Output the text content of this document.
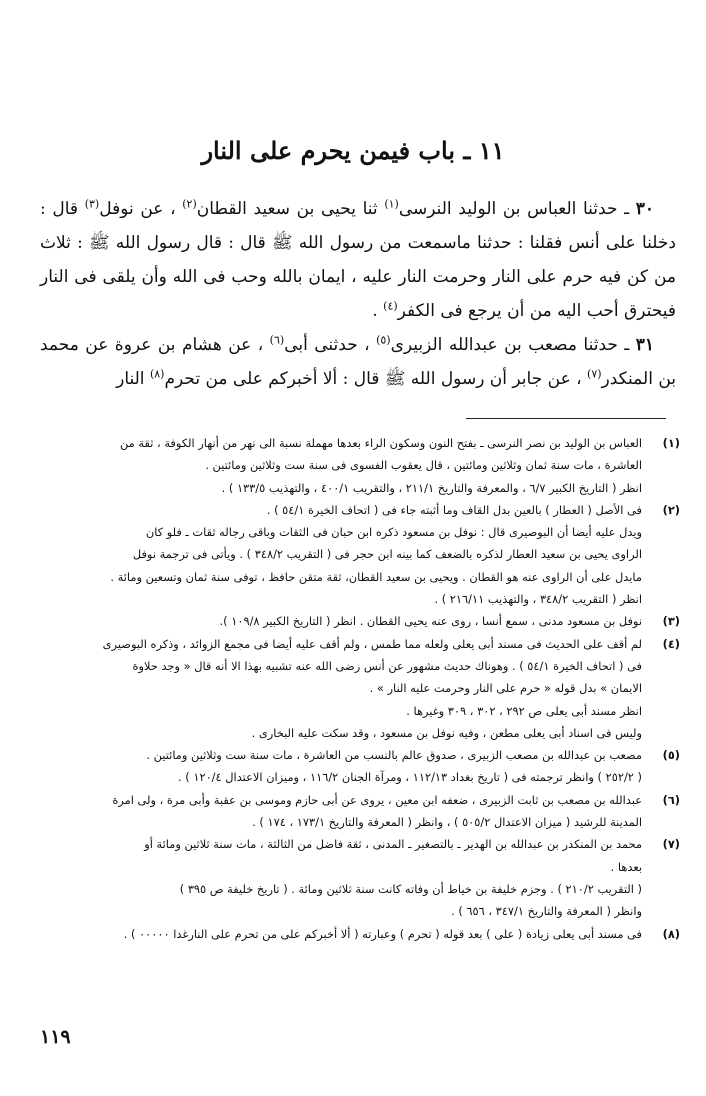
١١ ـ باب فيمن يحرم على النار

٣٠ ـ حدثنا العباس بن الوليد النرسى$^{(١)}$ ثنا يحيى بن سعيد القطان$^{(٢)}$ ، عن نوفل$^{(٣)}$ قال : دخلنا على أنس فقلنا : حدثنا ماسمعت من رسول الله ﷺ قال : قال رسول الله ﷺ : ثلاث من كن فيه حرم على النار وحرمت النار عليه ، ايمان بالله وحب فى الله وأن يلقى فى النار فيحترق أحب اليه من أن يرجع فى الكفر$^{(٤)}$ .

٣١ ـ حدثنا مصعب بن عبدالله الزبيرى$^{(٥)}$ ، حدثنى أبى$^{(٦)}$ ، عن هشام بن عروة عن محمد بن المنكدر$^{(٧)}$ ، عن جابر أن رسول الله ﷺ قال : ألا أخبركم على من تحرم$^{(٨)}$ النار

(١)
العباس بن الوليد بن نصر النرسى ـ بفتح النون وسكون الراء بعدها مهملة نسبة الى نهر من أنهار الكوفة ، ثقة من
العاشرة ، مات سنة ثمان وثلاثين ومائتين ، قال يعقوب الفسوى فى سنة ست وثلاثين ومائتين .
انظر ( التاريخ الكبير ٦/٧ ، والمعرفة والتاريخ ٢١١/١ ، والتقريب ٤٠٠/١ ، والتهذيب ١٣٣/٥ ) .
(٢)
فى الأصل ( العطار ) بالعين بدل القاف وما أثبته جاء فى ( اتحاف الخيرة ٥٤/١ ) .
ويدل عليه أيضا أن البوصيرى قال : نوفل بن مسعود ذكره ابن حبان فى الثقات وباقى رجاله ثقات ـ فلو كان
الراوى يحيى بن سعيد العطار لذكره بالضعف كما بينه ابن حجر فى ( التقريب ٣٤٨/٢ ) . ويأتى فى ترجمة نوفل
مايدل على أن الراوى عنه هو القطان . ويحيى بن سعيد القطان، ثقة متقن حافظ ، توفى سنة ثمان وتسعين ومائة .
انظر ( التقريب ٣٤٨/٢ ، والتهذيب ٢١٦/١١ ) .
(٣)
نوفل بن مسعود مدنى ، سمع أنسا ، روى عنه يحيى القطان . انظر ( التاريخ الكبير ١٠٩/٨ ).
(٤)
لم أقف على الحديث فى مسند أبى يعلى ولعله مما طمس ، ولم أقف عليه أيضا فى مجمع الزوائد ، وذكره البوصيرى
فى ( اتحاف الخيرة ٥٤/١ ) . وهوناك حديث مشهور عن أنس رضى الله عنه تشبيه بهذا الا أنه قال « وجد حلاوة
الايمان » بدل قوله « حرم على النار وحرمت عليه النار » .
انظر مسند أبى يعلى ص ٢٩٢ ، ٣٠٢ ، ٣٠٩ وغيرها .
وليس فى اسناد أبى يعلى مطعن ، وفيه نوفل بن مسعود ، وقد سكت عليه البخارى .
(٥)
مصعب بن عبدالله بن مصعب الزبيرى ، صدوق عالم بالنسب من العاشرة ، مات سنة ست وثلاثين ومائتين .
( ٢٥٢/٢ ) وانظر ترجمته فى ( تاريخ بغداد ١١٢/١٣ ، ومرآة الجنان ١١٦/٢ ، وميزان الاعتدال ١٢٠/٤ ) .
(٦)
عبدالله بن مصعب بن ثابت الزبيرى ، ضعفه ابن معين ، يروى عن أبى حازم وموسى بن عقبة وأبى مرة ، ولى امرة
المدينة للرشيد ( ميزان الاعتدال ٥٠٥/٢ ) ، وانظر ( المعرفة والتاريخ ١٧٣/١ ، ١٧٤ ) .
(٧)
محمد بن المنكدر بن عبدالله بن الهدير ـ بالتصغير ـ المدنى ، ثقة فاضل من الثالثة ، مات سنة ثلاثين ومائة أو
بعدها .
( التقريب ٢١٠/٢ ) . وجزم خليفة بن خياط أن وفاته كانت سنة ثلاثين ومائة . ( تاريخ خليفة ص ٣٩٥ )
وانظر ( المعرفة والتاريخ ٣٤٧/١ ، ٦٥٦ ) .
(٨)
فى مسند أبى يعلى زيادة ( على ) بعد قوله ( تحرم ) وعبارته ( ألا أخبركم على من تحرم على النارغدا ٠٠٠٠٠ ) .
١١٩
